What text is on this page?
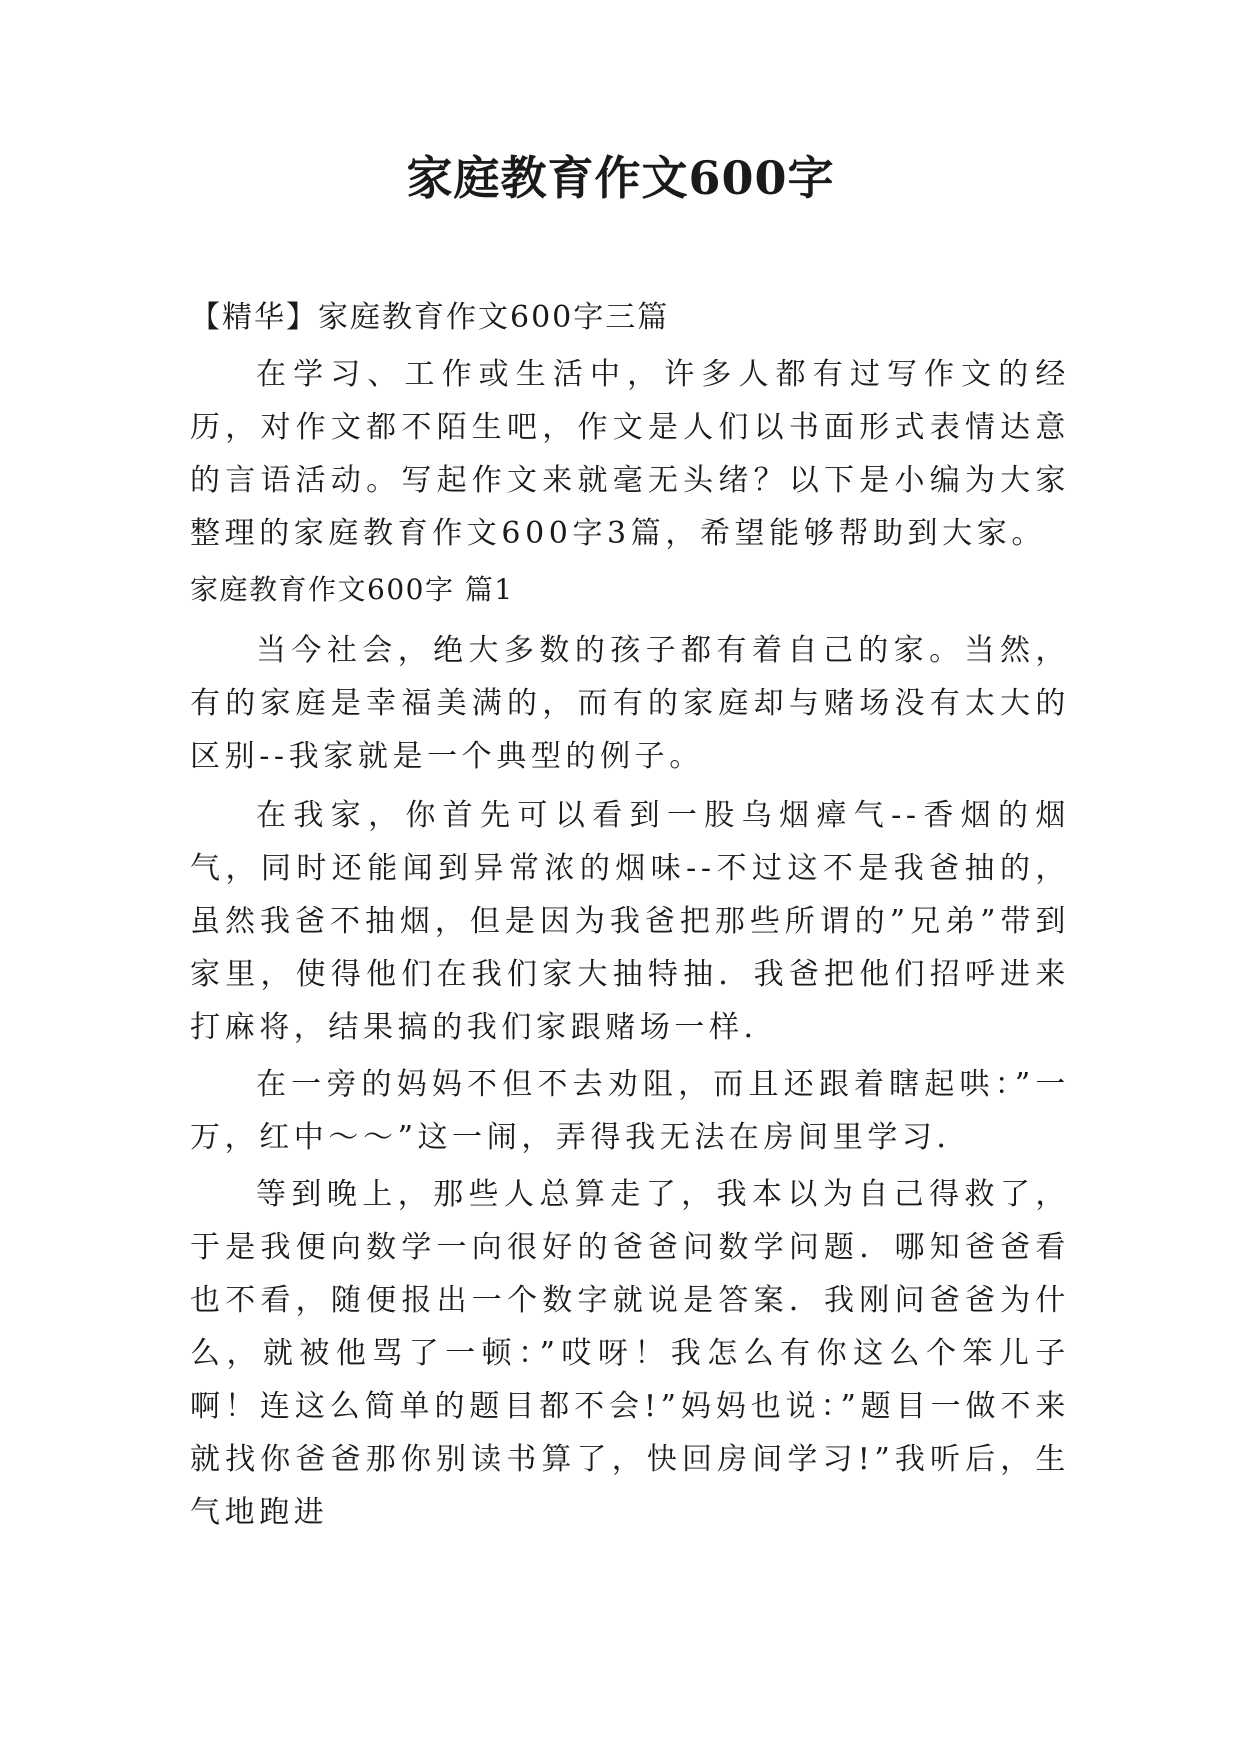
家庭教育作文600字

【精华】家庭教育作文600字三篇

在学习、工作或生活中，许多人都有过写作文的经历，对作文都不陌生吧，作文是人们以书面形式表情达意的言语活动。写起作文来就毫无头绪？以下是小编为大家整理的家庭教育作文600字3篇，希望能够帮助到大家。

家庭教育作文600字 篇1

当今社会，绝大多数的孩子都有着自己的家。当然，有的家庭是幸福美满的，而有的家庭却与赌场没有太大的区别--我家就是一个典型的例子。

在我家，你首先可以看到一股乌烟瘴气--香烟的烟气，同时还能闻到异常浓的烟味--不过这不是我爸抽的，虽然我爸不抽烟，但是因为我爸把那些所谓的”兄弟”带到家里，使得他们在我们家大抽特抽．我爸把他们招呼进来打麻将，结果搞的我们家跟赌场一样．

在一旁的妈妈不但不去劝阻，而且还跟着瞎起哄：”一万，红中～～”这一闹，弄得我无法在房间里学习．

等到晚上，那些人总算走了，我本以为自己得救了，于是我便向数学一向很好的爸爸问数学问题．哪知爸爸看也不看，随便报出一个数字就说是答案．我刚问爸爸为什么，就被他骂了一顿：”哎呀！我怎么有你这么个笨儿子啊！连这么简单的题目都不会!”妈妈也说：”题目一做不来就找你爸爸那你别读书算了，快回房间学习!”我听后，生气地跑进
